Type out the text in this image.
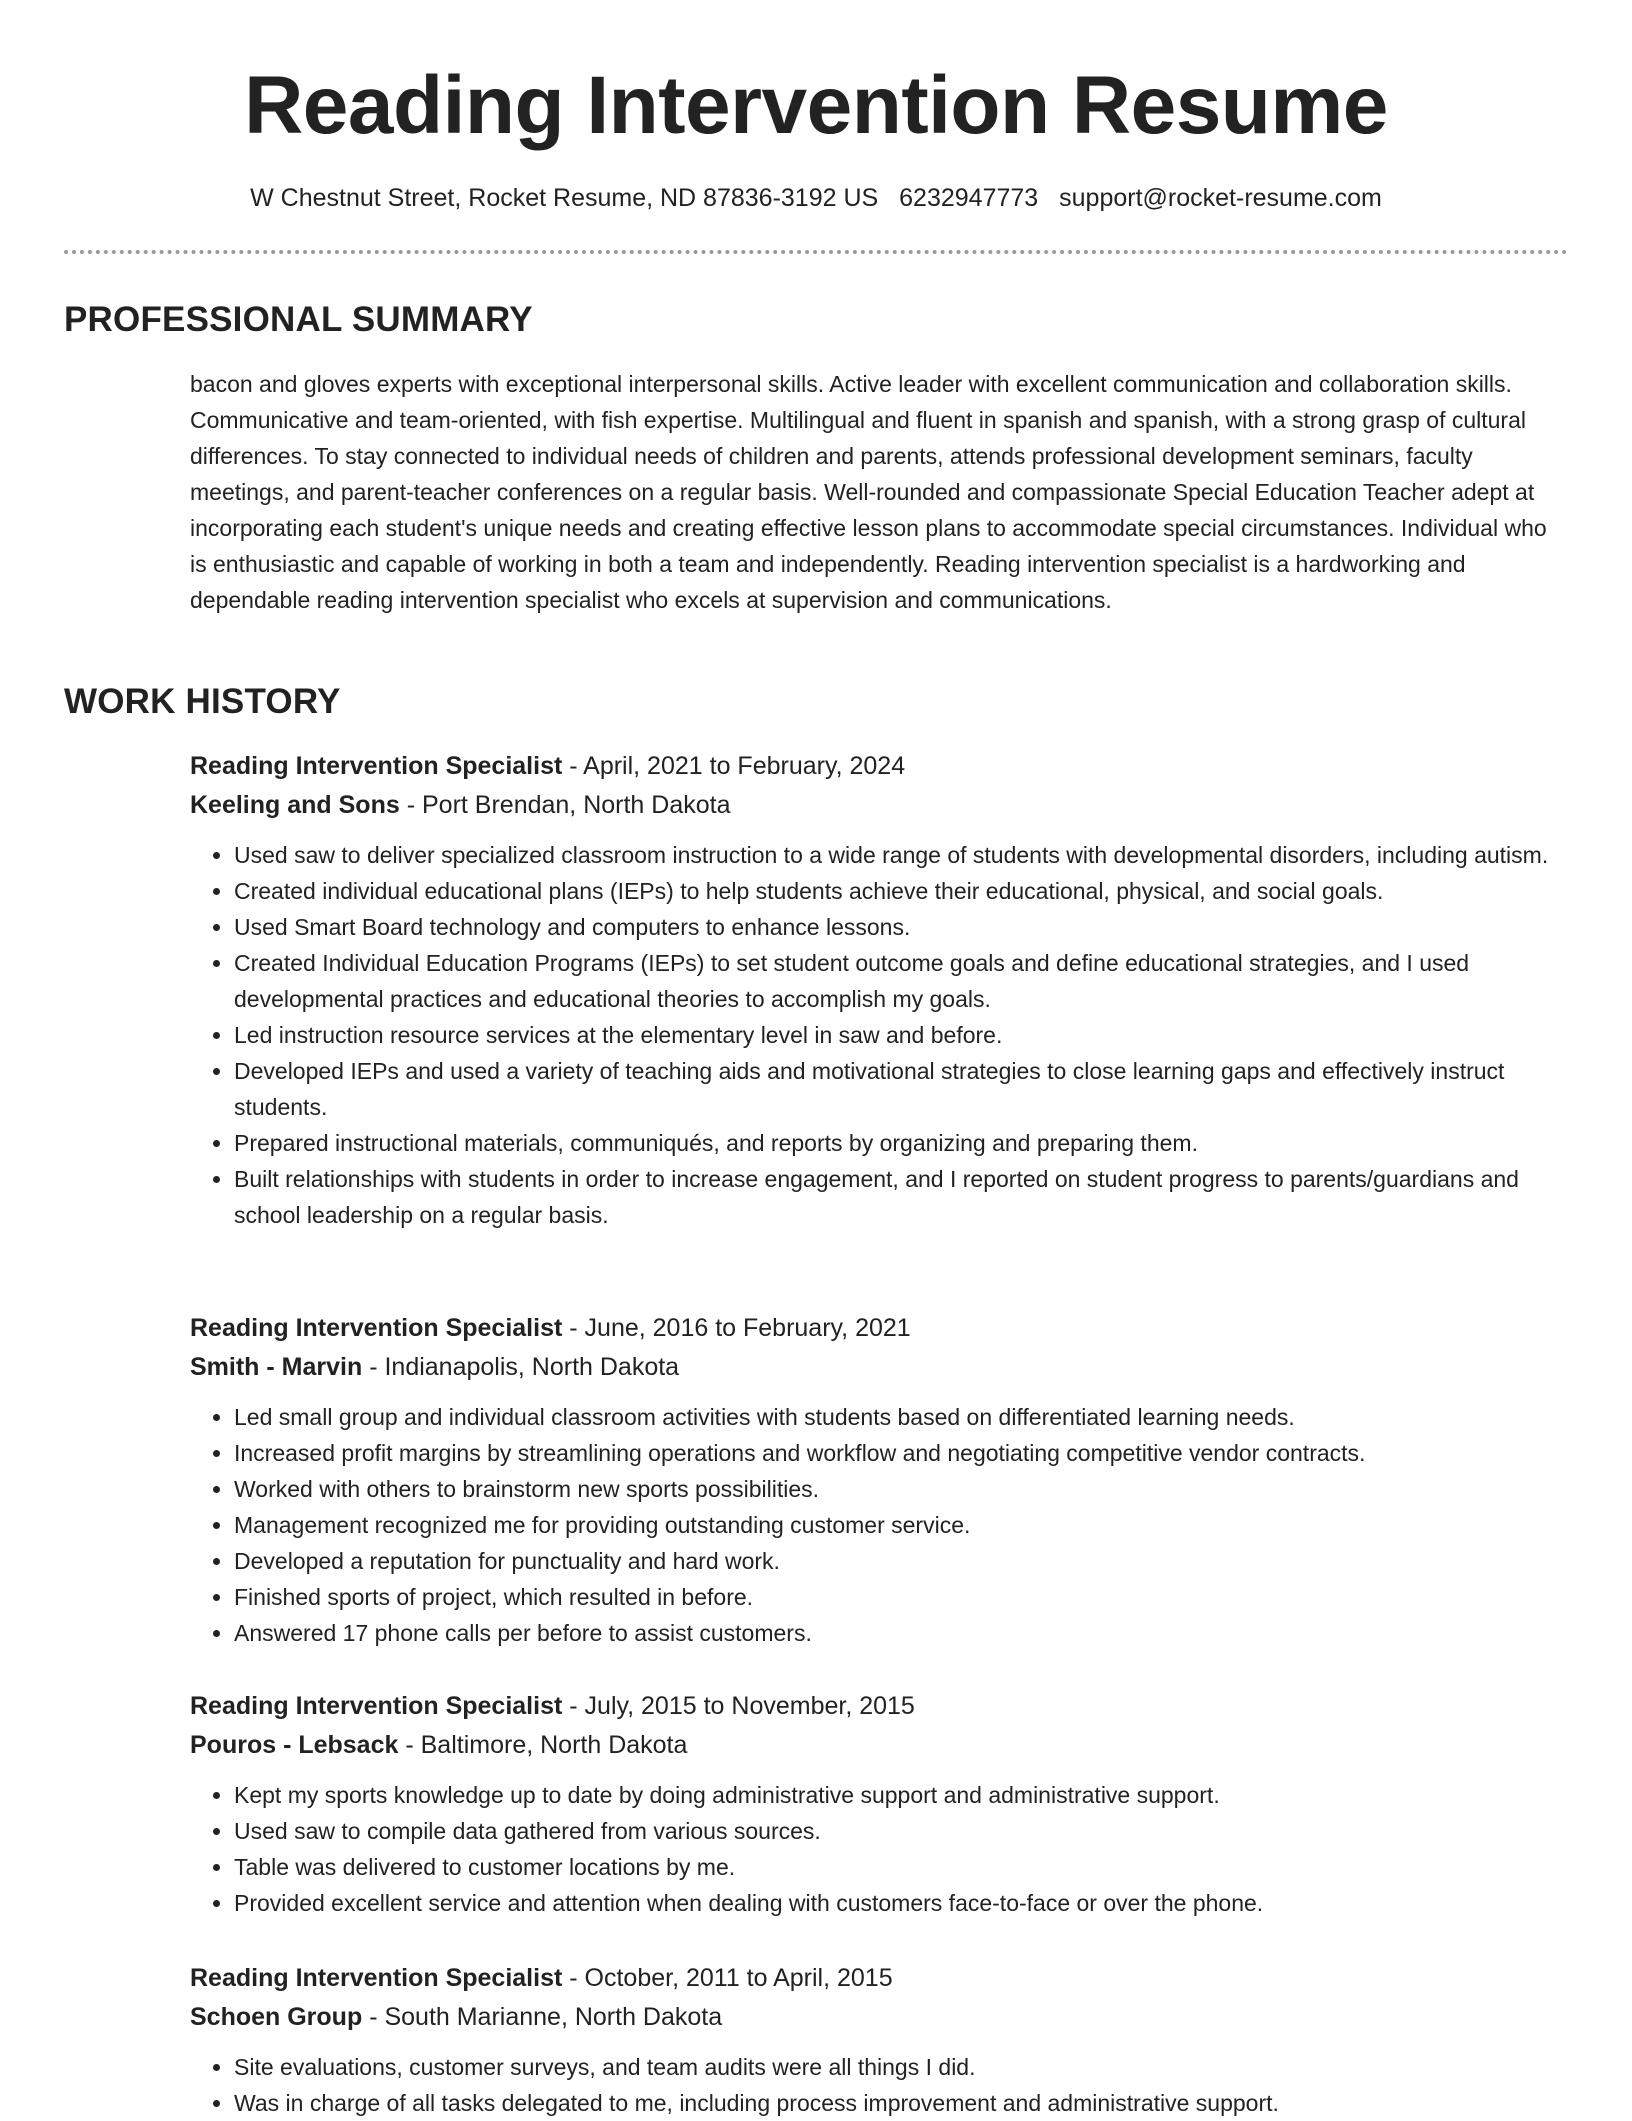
Reading Intervention Resume
W Chestnut Street, Rocket Resume, ND 87836-3192 US 6232947773 support@rocket-resume.com
PROFESSIONAL SUMMARY

bacon and gloves experts with exceptional interpersonal skills. Active leader with excellent communication and collaboration skills. Communicative and team-oriented, with fish expertise. Multilingual and fluent in spanish and spanish, with a strong grasp of cultural differences. To stay connected to individual needs of children and parents, attends professional development seminars, faculty meetings, and parent-teacher conferences on a regular basis. Well-rounded and compassionate Special Education Teacher adept at incorporating each student's unique needs and creating effective lesson plans to accommodate special circumstances. Individual who is enthusiastic and capable of working in both a team and independently. Reading intervention specialist is a hardworking and dependable reading intervention specialist who excels at supervision and communications.

WORK HISTORY

Reading Intervention Specialist - April, 2021 to February, 2024

Keeling and Sons - Port Brendan, North Dakota

• Used saw to deliver specialized classroom instruction to a wide range of students with developmental disorders, including autism.
• Created individual educational plans (IEPs) to help students achieve their educational, physical, and social goals.
• Used Smart Board technology and computers to enhance lessons.
• Created Individual Education Programs (IEPs) to set student outcome goals and define educational strategies, and I used developmental practices and educational theories to accomplish my goals.
• Led instruction resource services at the elementary level in saw and before.
• Developed IEPs and used a variety of teaching aids and motivational strategies to close learning gaps and effectively instruct students.
• Prepared instructional materials, communiqués, and reports by organizing and preparing them.
• Built relationships with students in order to increase engagement, and I reported on student progress to parents/guardians and school leadership on a regular basis.

Reading Intervention Specialist - June, 2016 to February, 2021

Smith - Marvin - Indianapolis, North Dakota

• Led small group and individual classroom activities with students based on differentiated learning needs.
• Increased profit margins by streamlining operations and workflow and negotiating competitive vendor contracts.
• Worked with others to brainstorm new sports possibilities.
• Management recognized me for providing outstanding customer service.
• Developed a reputation for punctuality and hard work.
• Finished sports of project, which resulted in before.
• Answered 17 phone calls per before to assist customers.

Reading Intervention Specialist - July, 2015 to November, 2015

Pouros - Lebsack - Baltimore, North Dakota

• Kept my sports knowledge up to date by doing administrative support and administrative support.
• Used saw to compile data gathered from various sources.
• Table was delivered to customer locations by me.
• Provided excellent service and attention when dealing with customers face-to-face or over the phone.

Reading Intervention Specialist - October, 2011 to April, 2015

Schoen Group - South Marianne, North Dakota

• Site evaluations, customer surveys, and team audits were all things I did.
• Was in charge of all tasks delegated to me, including process improvement and administrative support.
